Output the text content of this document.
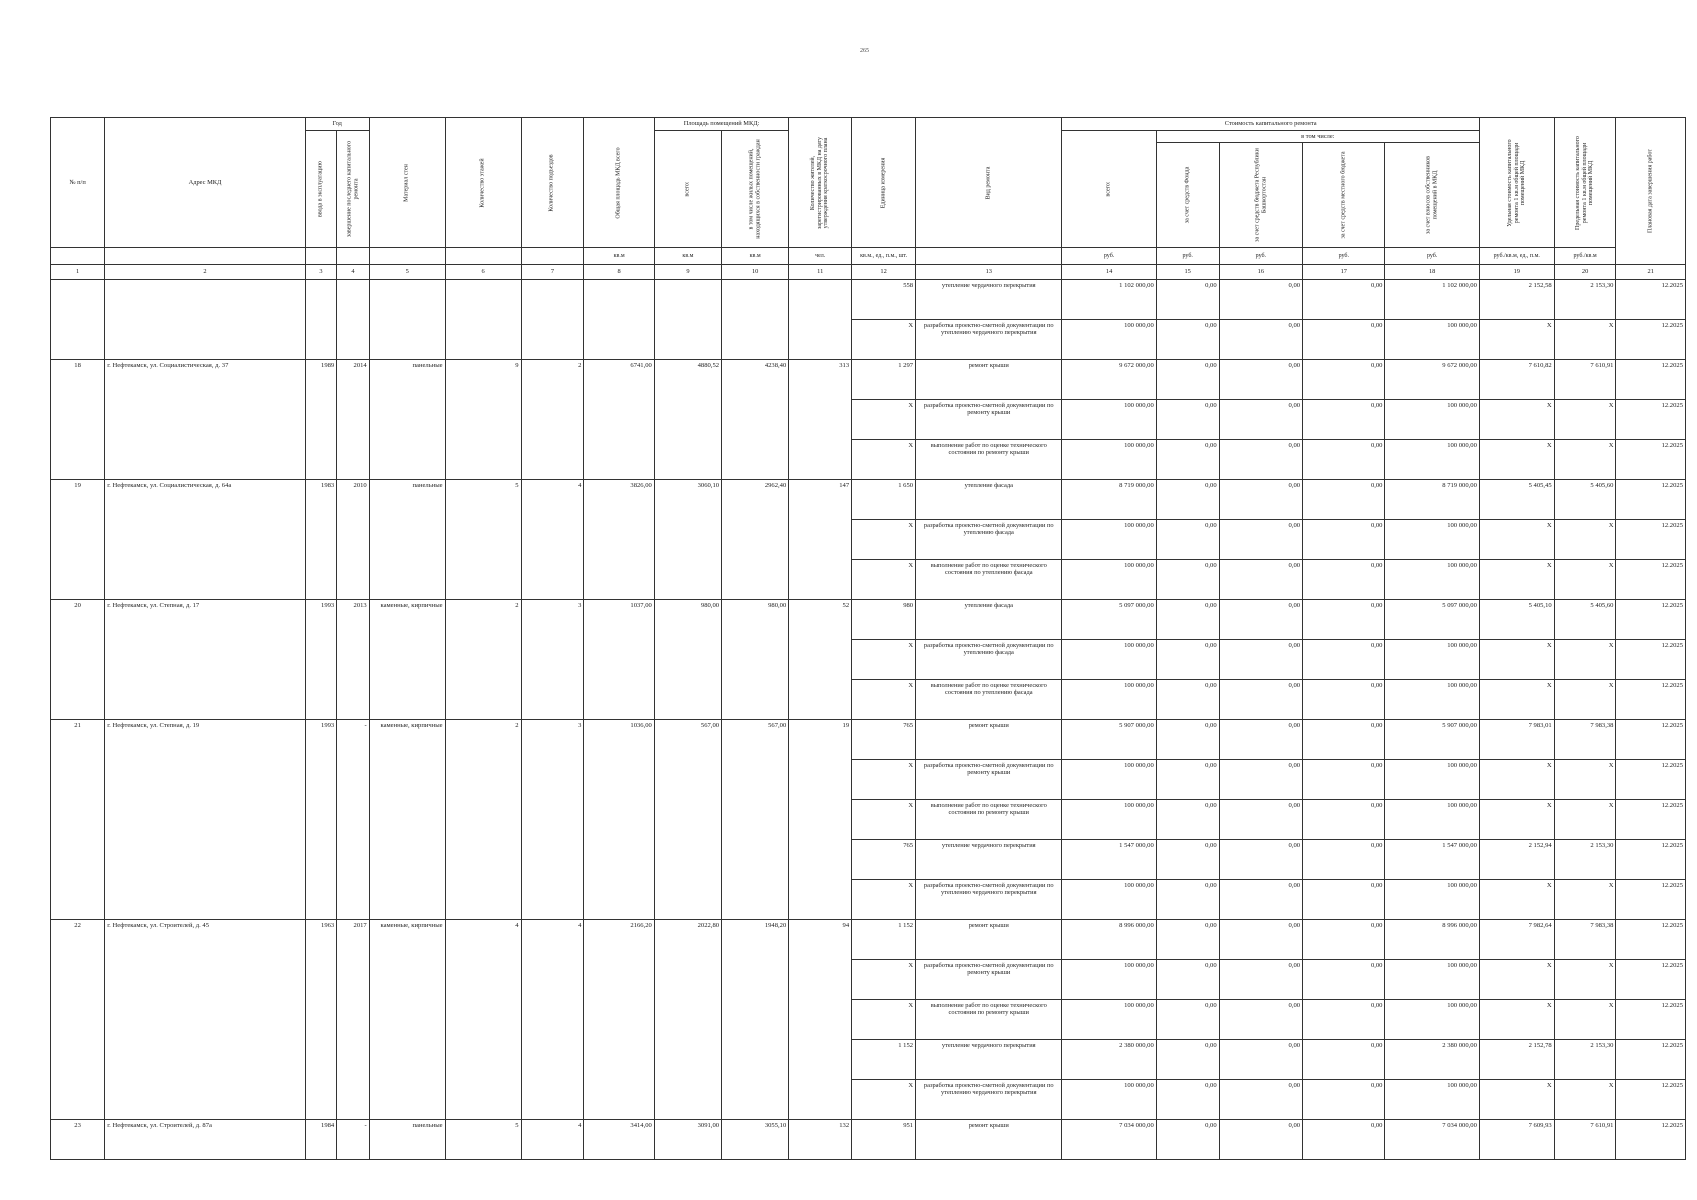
265
№ п/п	Адрес МКД	Год		Материал стен	Количество этажей	Количество подъездов	Общая площадь МКД всего	Площадь помещений МКД:		Количество жителей, зарегистрированных в МКД на дату утверждения краткосрочного плана	Единица измерения	Вид ремонта	Стоимость капитального ремонта					Удельная стоимость капитального ремонта 1 кв.м общей площади помещений МКД	Предельная стоимость капитального ремонта 1 кв.м общей площади помещений МКД	Плановая дата завершения работ

		ввода в эксплуатацию	завершение последнего капитального ремонта					всего:	в том числе жилых помещений, находящихся в собственности граждан				всего:	в том числе:						

														за счет средств Фонда	за счет средств бюджета Республики Башкортостан	за счет средств местного бюджета	за счет взносов собственников помещений в МКД			

							кв.м	кв.м	кв.м	чел.	кв.м., ед., п.м., шт.		руб.	руб.	руб.	руб.	руб.	руб./кв.м, ед., п.м.	руб./кв.м	
1	2	3	4	5	6	7	8	9	10	11	12	13	14	15	16	17	18	19	20	21
											558	утепление чердачного перекрытия	1 102 000,00	0,00	0,00	0,00	1 102 000,00	2 152,58	2 153,30	12.2025
											Х	разработка проектно-сметной документации по утеплению чердачного перекрытия	100 000,00	0,00	0,00	0,00	100 000,00	Х	Х	12.2025
18	г. Нефтекамск, ул. Социалистическая, д. 37	1989	2014	панельные	9	2	6741,00	4880,52	4238,40	313	1 297	ремонт крыши	9 672 000,00	0,00	0,00	0,00	9 672 000,00	7 610,82	7 610,91	12.2025
											Х	разработка проектно-сметной документации по ремонту крыши	100 000,00	0,00	0,00	0,00	100 000,00	Х	Х	12.2025
											Х	выполнение работ по оценке технического состояния по ремонту крыши	100 000,00	0,00	0,00	0,00	100 000,00	Х	Х	12.2025
19	г. Нефтекамск, ул. Социалистическая, д. 64а	1983	2010	панельные	5	4	3826,00	3060,10	2962,40	147	1 650	утепление фасада	8 719 000,00	0,00	0,00	0,00	8 719 000,00	5 405,45	5 405,60	12.2025
											Х	разработка проектно-сметной документации по утеплению фасада	100 000,00	0,00	0,00	0,00	100 000,00	Х	Х	12.2025
											Х	выполнение работ по оценке технического состояния по утеплению фасада	100 000,00	0,00	0,00	0,00	100 000,00	Х	Х	12.2025
20	г. Нефтекамск, ул. Степная, д. 17	1993	2013	каменные, кирпичные	2	3	1037,00	980,00	980,00	52	980	утепление фасада	5 097 000,00	0,00	0,00	0,00	5 097 000,00	5 405,10	5 405,60	12.2025
											Х	разработка проектно-сметной документации по утеплению фасада	100 000,00	0,00	0,00	0,00	100 000,00	Х	Х	12.2025
											Х	выполнение работ по оценке технического состояния по утеплению фасада	100 000,00	0,00	0,00	0,00	100 000,00	Х	Х	12.2025
21	г. Нефтекамск, ул. Степная, д. 19	1993	-	каменные, кирпичные	2	3	1036,00	567,00	567,00	19	765	ремонт крыши	5 907 000,00	0,00	0,00	0,00	5 907 000,00	7 983,01	7 983,38	12.2025
											Х	разработка проектно-сметной документации по ремонту крыши	100 000,00	0,00	0,00	0,00	100 000,00	Х	Х	12.2025
											Х	выполнение работ по оценке технического состояния по ремонту крыши	100 000,00	0,00	0,00	0,00	100 000,00	Х	Х	12.2025
											765	утепление чердачного перекрытия	1 547 000,00	0,00	0,00	0,00	1 547 000,00	2 152,94	2 153,30	12.2025
											Х	разработка проектно-сметной документации по утеплению чердачного перекрытия	100 000,00	0,00	0,00	0,00	100 000,00	Х	Х	12.2025
22	г. Нефтекамск, ул. Строителей, д. 45	1963	2017	каменные, кирпичные	4	4	2166,20	2022,80	1948,20	94	1 152	ремонт крыши	8 996 000,00	0,00	0,00	0,00	8 996 000,00	7 982,64	7 983,38	12.2025
											Х	разработка проектно-сметной документации по ремонту крыши	100 000,00	0,00	0,00	0,00	100 000,00	Х	Х	12.2025
											Х	выполнение работ по оценке технического состояния по ремонту крыши	100 000,00	0,00	0,00	0,00	100 000,00	Х	Х	12.2025
											1 152	утепление чердачного перекрытия	2 380 000,00	0,00	0,00	0,00	2 380 000,00	2 152,78	2 153,30	12.2025
											Х	разработка проектно-сметной документации по утеплению чердачного перекрытия	100 000,00	0,00	0,00	0,00	100 000,00	Х	Х	12.2025
23	г. Нефтекамск, ул. Строителей, д. 87а	1984	-	панельные	5	4	3414,00	3091,00	3055,10	132	951	ремонт крыши	7 034 000,00	0,00	0,00	0,00	7 034 000,00	7 609,93	7 610,91	12.2025
